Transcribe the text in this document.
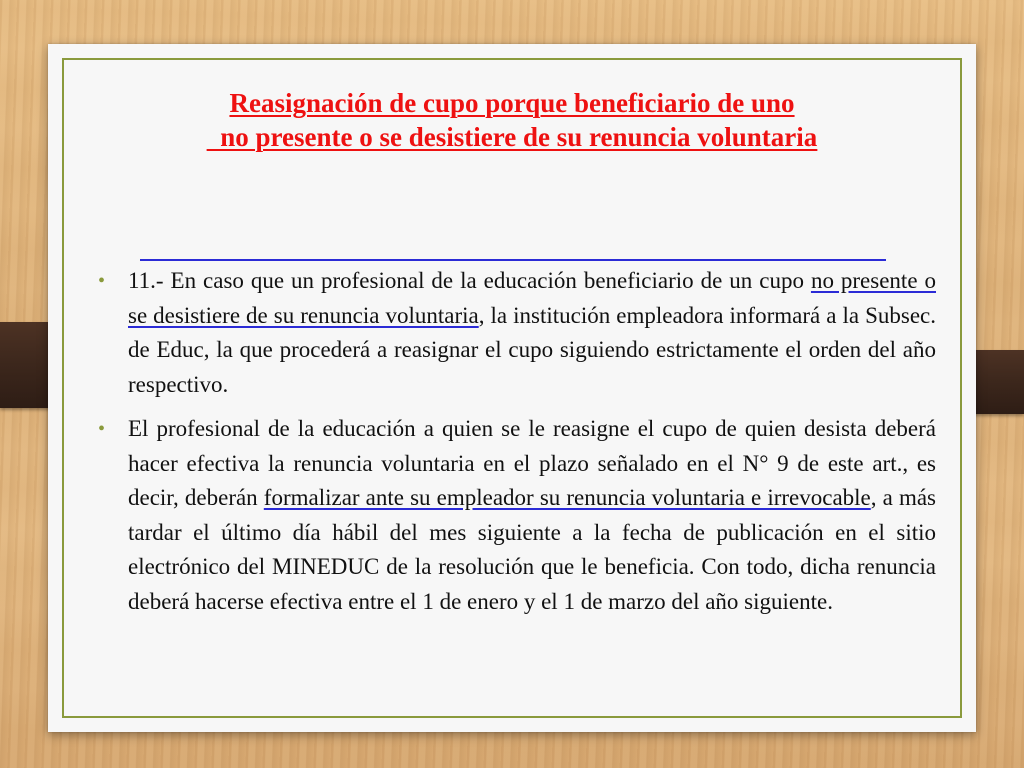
Reasignación de cupo porque beneficiario de uno
no presente o se desistiere de su renuncia voluntaria
• 11.- En caso que un profesional de la educación beneficiario de un cupo no presente o se desistiere de su renuncia voluntaria, la institución empleadora informará a la Subsec. de Educ, la que procederá a reasignar el cupo siguiendo estrictamente el orden del año respectivo.
• El profesional de la educación a quien se le reasigne el cupo de quien desista deberá hacer efectiva la renuncia voluntaria en el plazo señalado en el N° 9 de este art., es decir, deberán formalizar ante su empleador su renuncia voluntaria e irrevocable, a más tardar el último día hábil del mes siguiente a la fecha de publicación en el sitio electrónico del MINEDUC de la resolución que le beneficia. Con todo, dicha renuncia deberá hacerse efectiva entre el 1 de enero y el 1 de marzo del año siguiente.
